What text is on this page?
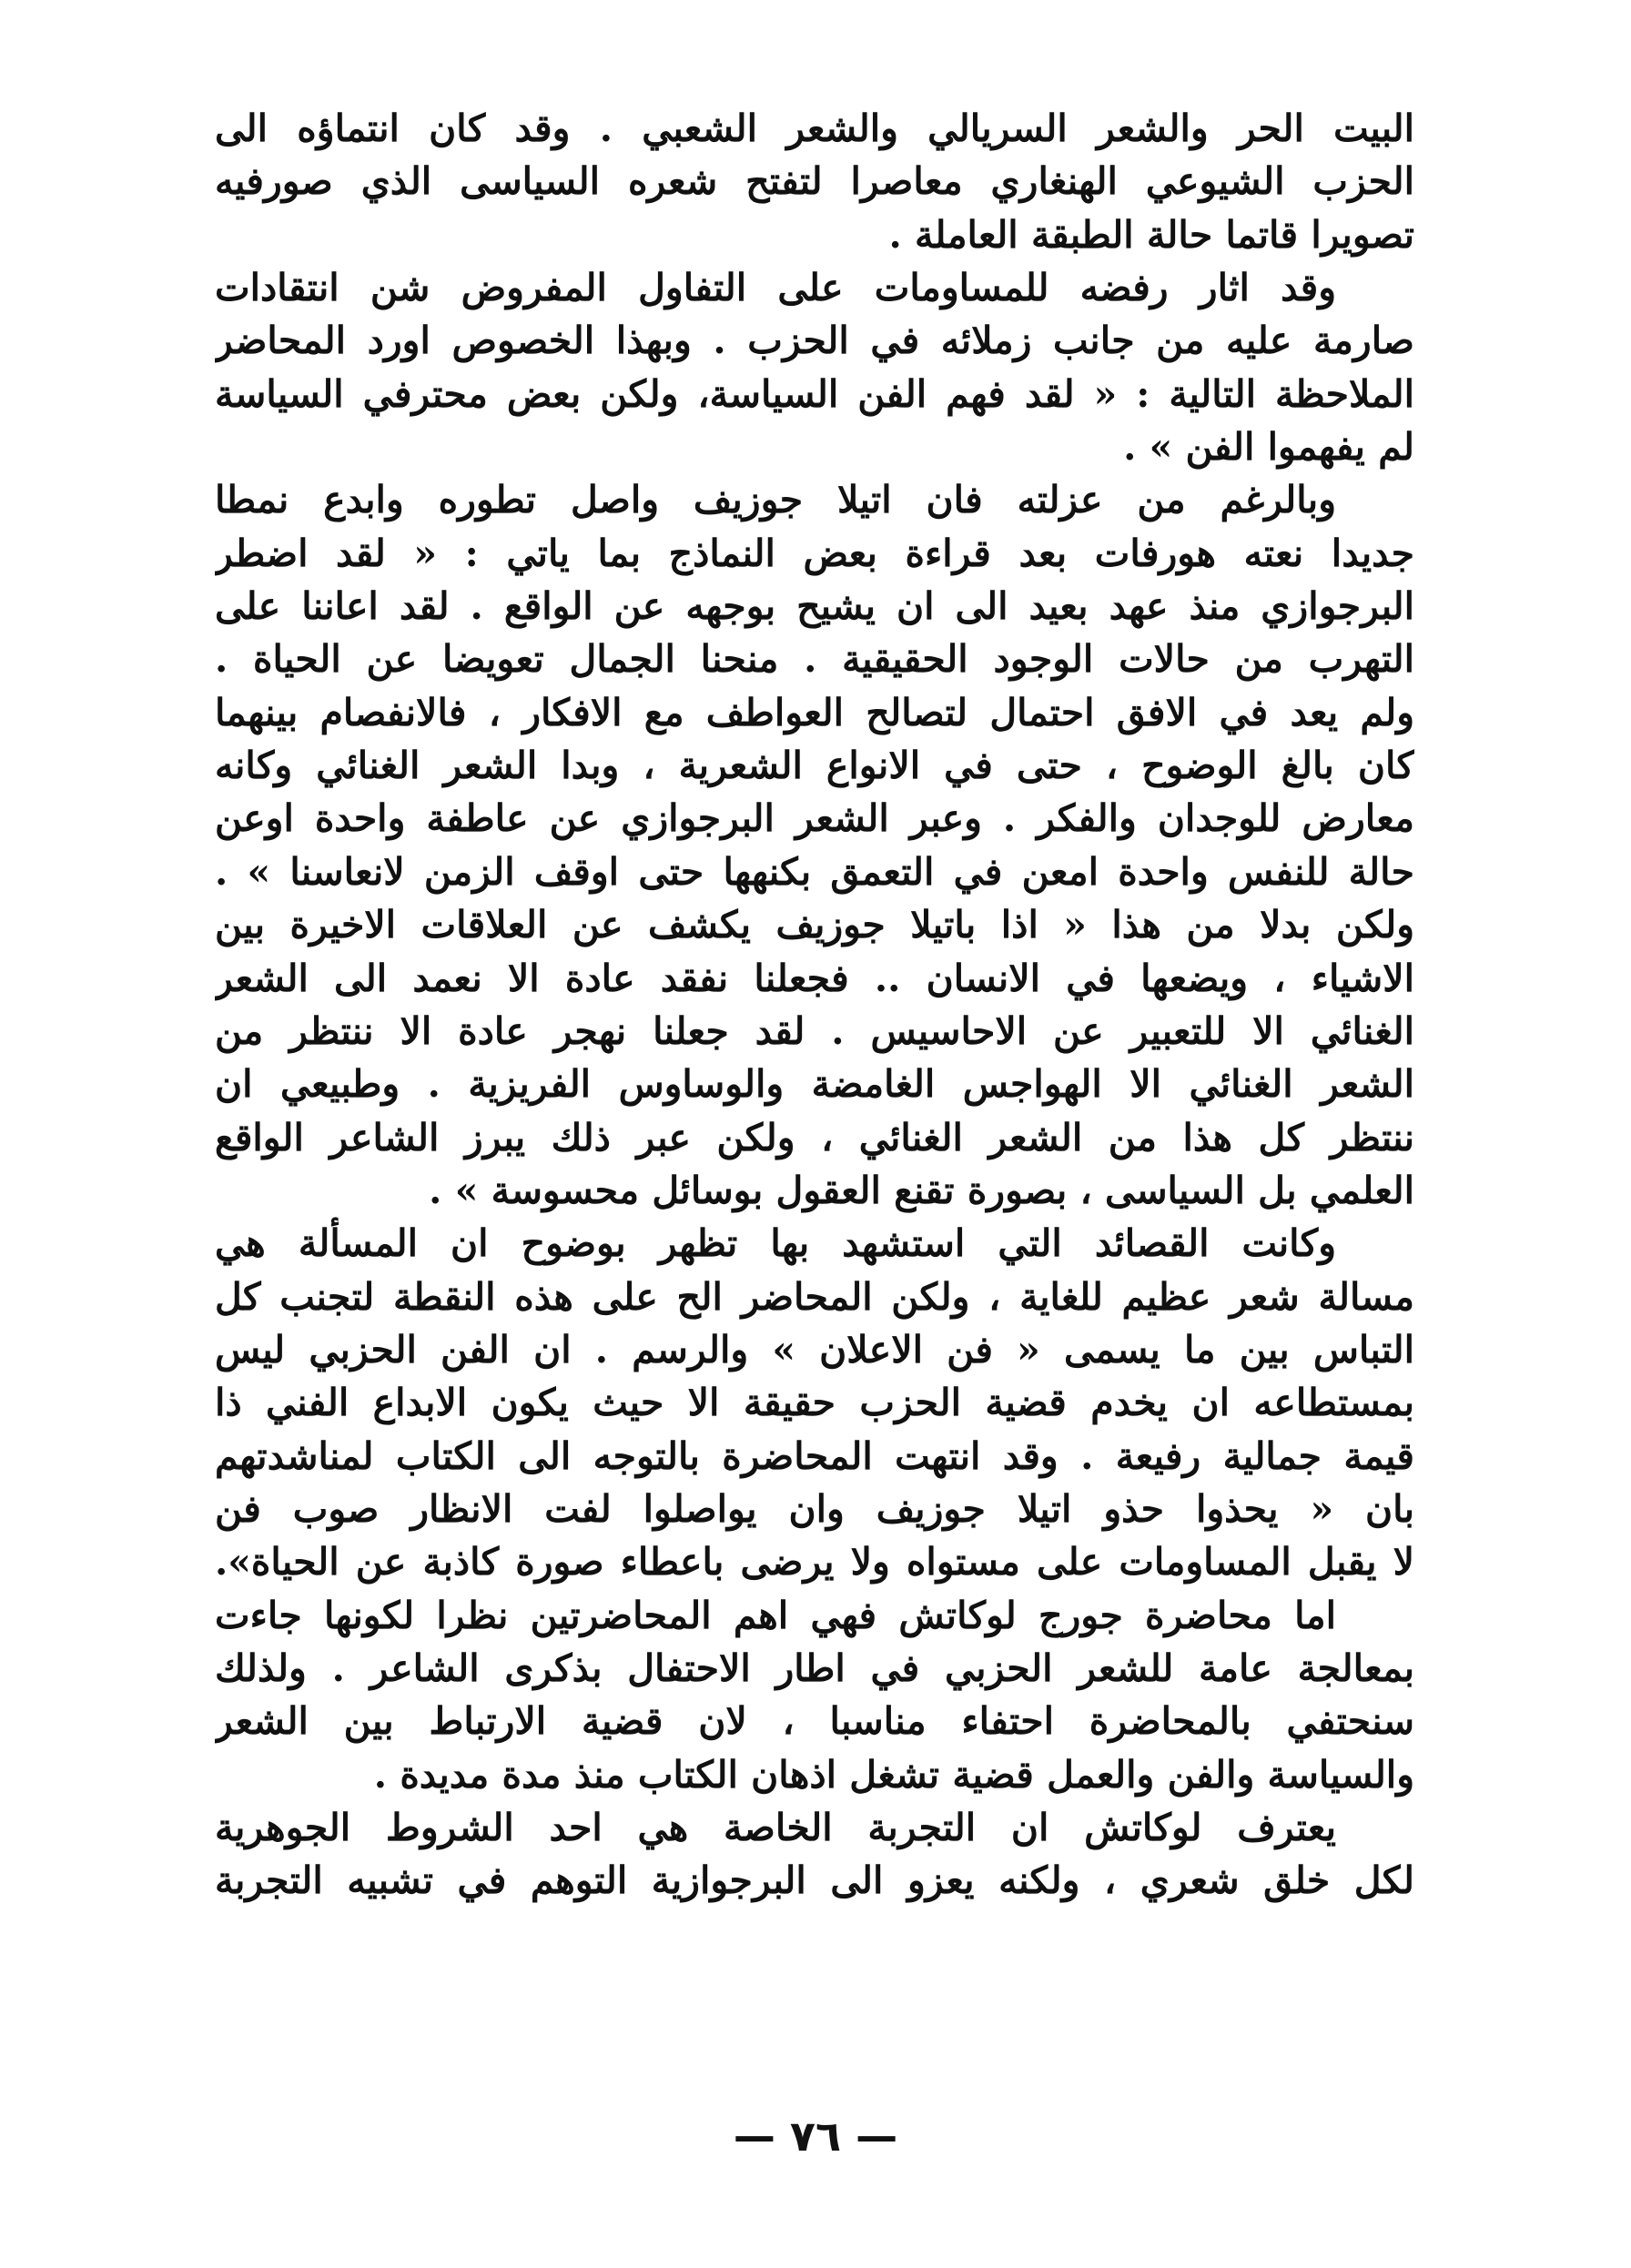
البيت الحر والشعر السريالي والشعر الشعبي . وقد كان انتماؤه الى
الحزب الشيوعي الهنغاري معاصرا لتفتح شعره السياسى الذي صورفيه
تصويرا قاتما حالة الطبقة العاملة .
وقد اثار رفضه للمساومات على التفاول المفروض شن انتقادات
صارمة عليه من جانب زملائه في الحزب . وبهذا الخصوص اورد المحاضر
الملاحظة التالية : « لقد فهم الفن السياسة، ولكن بعض محترفي السياسة
لم يفهموا الفن » .
وبالرغم من عزلته فان اتيلا جوزيف واصل تطوره وابدع نمطا
جديدا نعته هورفات بعد قراءة بعض النماذج بما ياتي : « لقد اضطر
البرجوازي منذ عهد بعيد الى ان يشيح بوجهه عن الواقع . لقد اعاننا على
التهرب من حالات الوجود الحقيقية . منحنا الجمال تعويضا عن الحياة .
ولم يعد في الافق احتمال لتصالح العواطف مع الافكار ، فالانفصام بينهما
كان بالغ الوضوح ، حتى في الانواع الشعرية ، وبدا الشعر الغنائي وكانه
معارض للوجدان والفكر . وعبر الشعر البرجوازي عن عاطفة واحدة اوعن
حالة للنفس واحدة امعن في التعمق بكنهها حتى اوقف الزمن لانعاسنا » .
ولكن بدلا من هذا « اذا باتيلا جوزيف يكشف عن العلاقات الاخيرة بين
الاشياء ، ويضعها في الانسان .. فجعلنا نفقد عادة الا نعمد الى الشعر
الغنائي الا للتعبير عن الاحاسيس . لقد جعلنا نهجر عادة الا ننتظر من
الشعر الغنائي الا الهواجس الغامضة والوساوس الفريزية . وطبيعي ان
ننتظر كل هذا من الشعر الغنائي ، ولكن عبر ذلك يبرز الشاعر الواقع
العلمي بل السياسى ، بصورة تقنع العقول بوسائل محسوسة » .
وكانت القصائد التي استشهد بها تظهر بوضوح ان المسألة هي
مسالة شعر عظيم للغاية ، ولكن المحاضر الح على هذه النقطة لتجنب كل
التباس بين ما يسمى « فن الاعلان » والرسم . ان الفن الحزبي ليس
بمستطاعه ان يخدم قضية الحزب حقيقة الا حيث يكون الابداع الفني ذا
قيمة جمالية رفيعة . وقد انتهت المحاضرة بالتوجه الى الكتاب لمناشدتهم
بان « يحذوا حذو اتيلا جوزيف وان يواصلوا لفت الانظار صوب فن
لا يقبل المساومات على مستواه ولا يرضى باعطاء صورة كاذبة عن الحياة».
اما محاضرة جورج لوكاتش فهي اهم المحاضرتين نظرا لكونها جاءت
بمعالجة عامة للشعر الحزبي في اطار الاحتفال بذكرى الشاعر . ولذلك
سنحتفي بالمحاضرة احتفاء مناسبا ، لان قضية الارتباط بين الشعر
والسياسة والفن والعمل قضية تشغل اذهان الكتاب منذ مدة مديدة .
يعترف لوكاتش ان التجربة الخاصة هي احد الشروط الجوهرية
لكل خلق شعري ، ولكنه يعزو الى البرجوازية التوهم في تشبيه التجربة
— ٧٦ —
